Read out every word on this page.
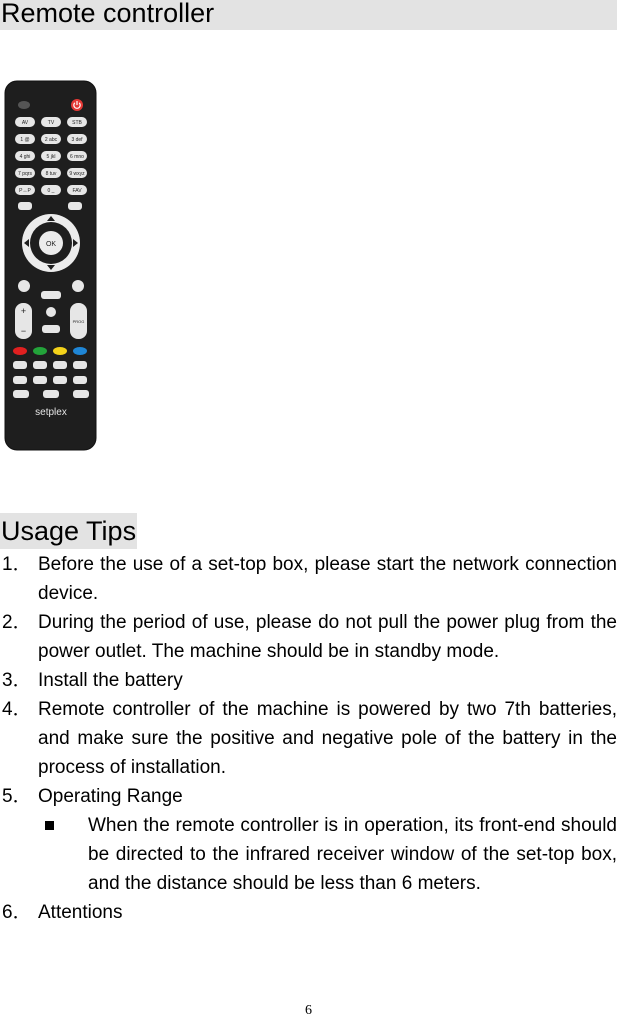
Remote controller
AV	TV	STB
1 @	2 abc	3 def
4 ghi	5 jkl	6 mno
7 pqrs	8 tuv	9 wxyz
P↔P	0 _	FAV
OK
+
−
PROG
setplex
Usage Tips
1． Before the use of a set-top box, please start the network connection device.
2． During the period of use, please do not pull the power plug from the power outlet. The machine should be in standby mode.
3． Install the battery
4． Remote controller of the machine is powered by two 7th batteries, and make sure the positive and negative pole of the battery in the process of installation.
5． Operating Range
When the remote controller is in operation, its front-end should be directed to the infrared receiver window of the set-top box, and the distance should be less than 6 meters.
6． Attentions
6
